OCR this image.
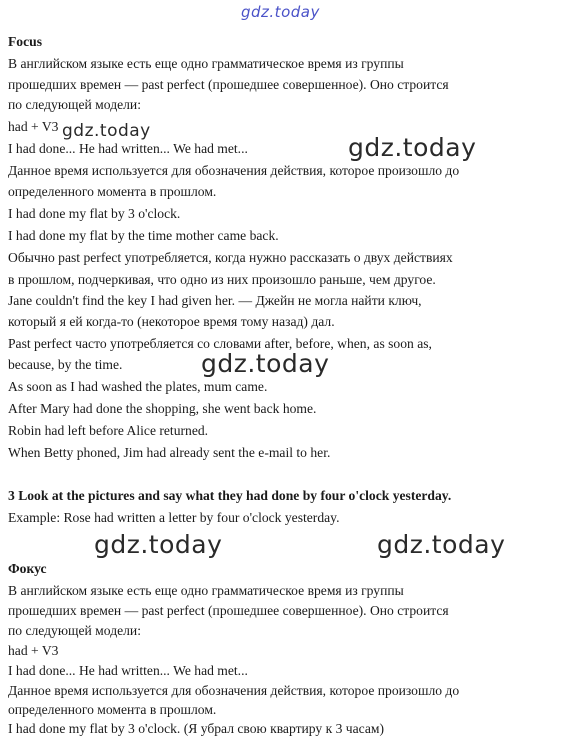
gdz.today
gdz.today
gdz.today
gdz.today
gdz.today	gdz.today
Focus
В английском языке есть еще одно грамматическое время из группы
прошедших времен — past perfect (прошедшее совершенное). Оно строится
по следующей модели:
had + V3
I had done... He had written... We had met...
Данное время используется для обозначения действия, которое произошло до
определенного момента в прошлом.
I had done my flat by 3 o'clock.
I had done my flat by the time mother came back.
Обычно past perfect употребляется, когда нужно рассказать о двух действиях
в прошлом, подчеркивая, что одно из них произошло раньше, чем другое.
Jane couldn't find the key I had given her. — Джейн не могла найти ключ,
который я ей когда-то (некоторое время тому назад) дал.
Past perfect часто употребляется со словами after, before, when, as soon as,
because, by the time.
As soon as I had washed the plates, mum came.
After Mary had done the shopping, she went back home.
Robin had left before Alice returned.
When Betty phoned, Jim had already sent the e-mail to her.
3 Look at the pictures and say what they had done by four o'clock yesterday.
Example: Rose had written a letter by four o'clock yesterday.
Фокус
В английском языке есть еще одно грамматическое время из группы
прошедших времен — past perfect (прошедшее совершенное). Оно строится
по следующей модели:
had + V3
I had done... He had written... We had met...
Данное время используется для обозначения действия, которое произошло до
определенного момента в прошлом.
I had done my flat by 3 o'clock. (Я убрал свою квартиру к 3 часам)
